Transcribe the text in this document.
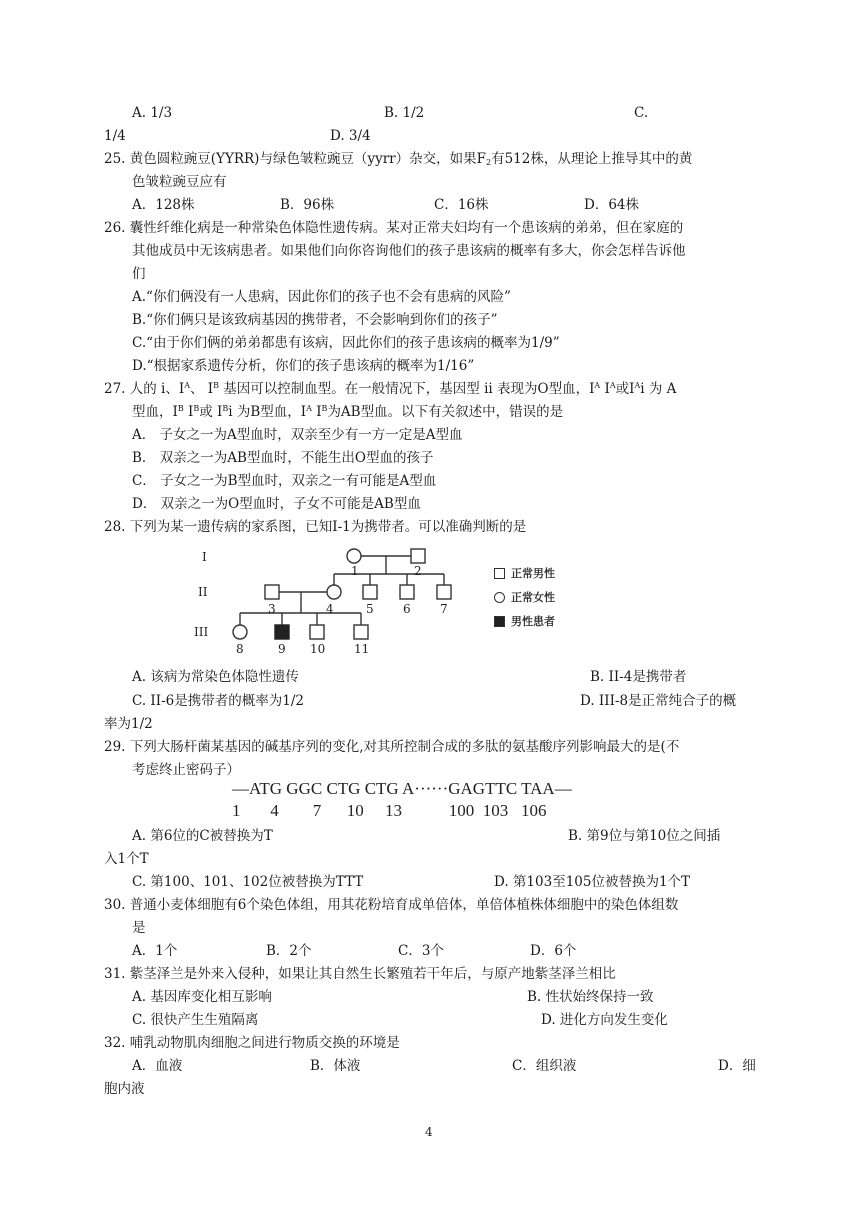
A. 1/3	B. 1/2	C.
1/4	D. 3/4
25. 黄色圆粒豌豆(YYRR)与绿色皱粒豌豆（yyrr）杂交，如果$F_2$有512株，从理论上推导其中的黄
色皱粒豌豆应有
A．128株	B．96株	C．16株	D．64株
26. 囊性纤维化病是一种常染色体隐性遗传病。某对正常夫妇均有一个患该病的弟弟，但在家庭的
其他成员中无该病患者。如果他们向你咨询他们的孩子患该病的概率有多大，你会怎样告诉他
们
A.“你们俩没有一人患病，因此你们的孩子也不会有患病的风险”
B.“你们俩只是该致病基因的携带者，不会影响到你们的孩子”
C.“由于你们俩的弟弟都患有该病，因此你们的孩子患该病的概率为1/9”
D.“根据家系遗传分析，你们的孩子患该病的概率为1/16”
27. 人的 i、$I^A$、 $I^B$ 基因可以控制血型。在一般情况下，基因型 ii 表现为O型血，$I^A$ $I^A$或$I^Ai$ 为 A
型血，$I^B$ $I^B$或 $I^Bi$ 为B型血，$I^A$ $I^B$为AB型血。以下有关叙述中，错误的是
A． 子女之一为A型血时，双亲至少有一方一定是A型血
B． 双亲之一为AB型血时，不能生出O型血的孩子
C． 子女之一为B型血时，双亲之一有可能是A型血
D． 双亲之一为O型血时，子女不可能是AB型血
28. 下列为某一遗传病的家系图，已知I-1为携带者。可以准确判断的是
I
II
III
1	2
3	4	5 6 7
8	9 10 11
正常男性
正常女性
男性患者
A. 该病为常染色体隐性遗传	B. II-4是携带者
C. II-6是携带者的概率为1/2	D. III-8是正常纯合子的概
率为1/2
29. 下列大肠杆菌某基因的碱基序列的变化,对其所控制合成的多肽的氨基酸序列影响最大的是(不
考虑终止密码子）
—ATG GGC CTG CTG A······GAGTTC TAA—
1       4        7      10     13           100  103   106
A. 第6位的C被替换为T	B. 第9位与第10位之间插
入1个T
C. 第100、101、102位被替换为TTT	D. 第103至105位被替换为1个T
30. 普通小麦体细胞有6个染色体组，用其花粉培育成单倍体，单倍体植株体细胞中的染色体组数
是
A．1个	B．2个	C．3个	D．6个
31. 紫茎泽兰是外来入侵种，如果让其自然生长繁殖若干年后，与原产地紫茎泽兰相比
A. 基因库变化相互影响	B. 性状始终保持一致
C. 很快产生生殖隔离	D. 进化方向发生变化
32. 哺乳动物肌肉细胞之间进行物质交换的环境是
A．血液	B．体液	C．组织液	D．细
胞内液
4
